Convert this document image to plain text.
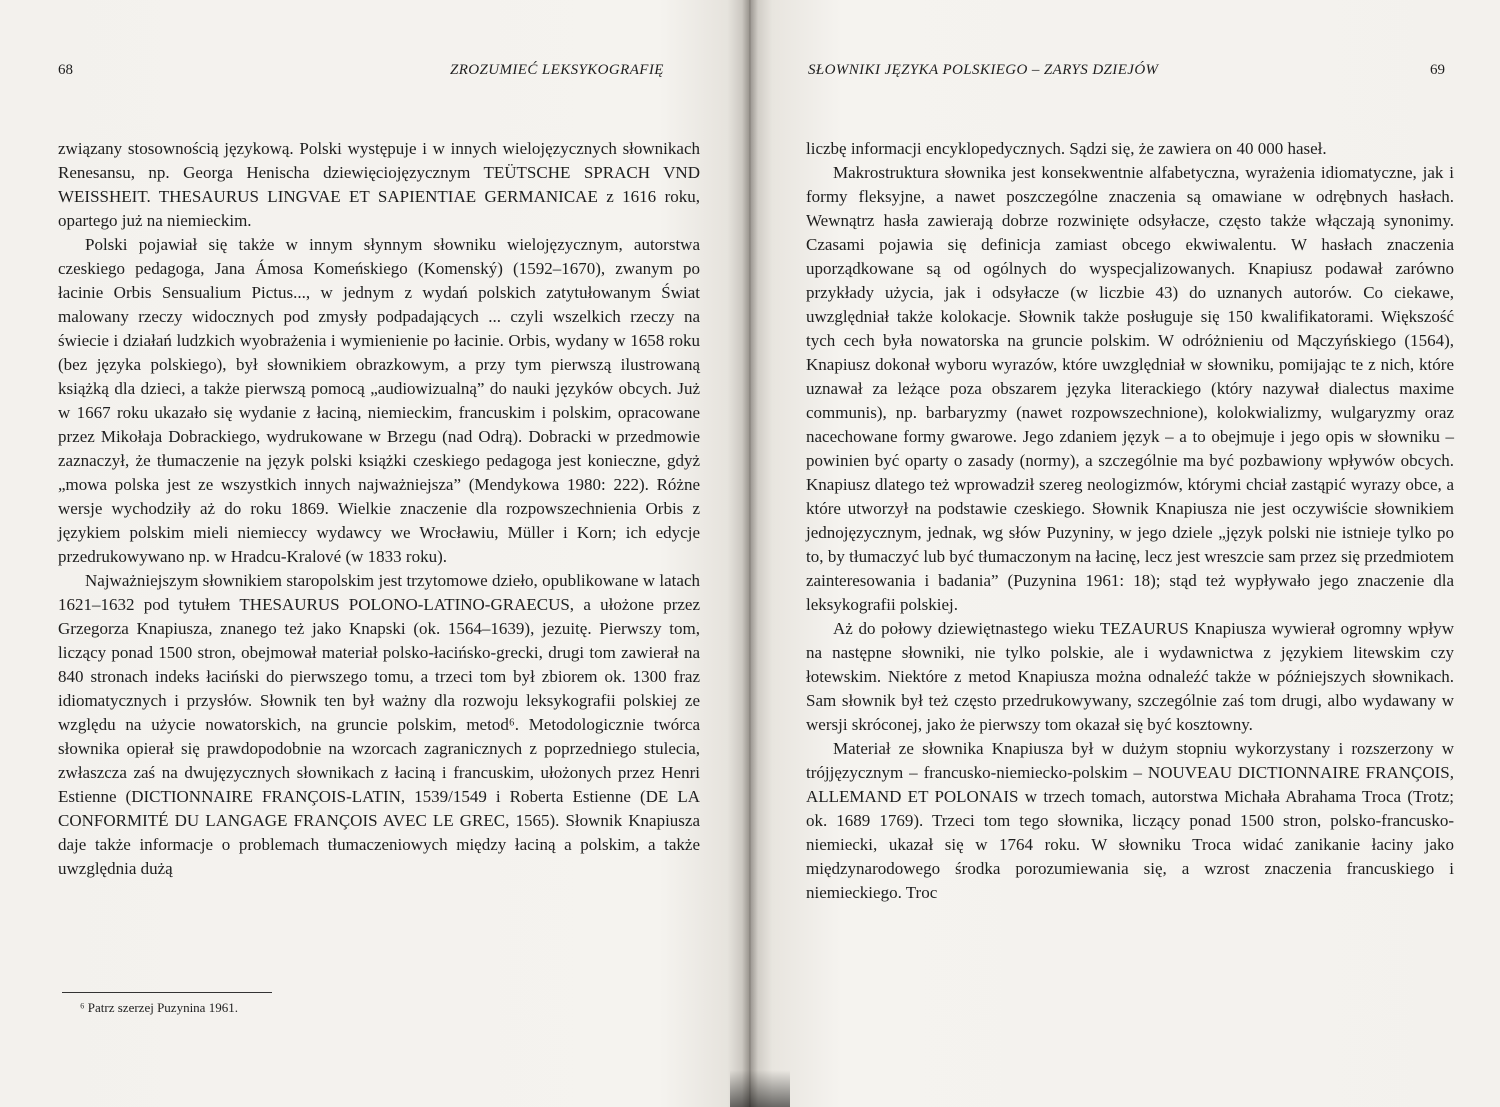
68	ZROZUMIEĆ LEKSYKOGRAFIĘ

związany stosownością językową. Polski występuje i w innych wielojęzycznych słownikach Renesansu, np. Georga Henischa dziewięciojęzycznym TEÜTSCHE SPRACH VND WEISSHEIT. THESAURUS LINGVAE ET SAPIENTIAE GERMANICAE z 1616 roku, opartego już na niemieckim.

Polski pojawiał się także w innym słynnym słowniku wielojęzycznym, autorstwa czeskiego pedagoga, Jana Ámosa Komeńskiego (Komenský) (1592–1670), zwanym po łacinie Orbis Sensualium Pictus..., w jednym z wydań polskich zatytułowanym Świat malowany rzeczy widocznych pod zmysły podpadających ... czyli wszelkich rzeczy na świecie i działań ludzkich wyobrażenia i wymienienie po łacinie. Orbis, wydany w 1658 roku (bez języka polskiego), był słownikiem obrazkowym, a przy tym pierwszą ilustrowaną książką dla dzieci, a także pierwszą pomocą „audiowizualną” do nauki języków obcych. Już w 1667 roku ukazało się wydanie z łaciną, niemieckim, francuskim i polskim, opracowane przez Mikołaja Dobrackiego, wydrukowane w Brzegu (nad Odrą). Dobracki w przedmowie zaznaczył, że tłumaczenie na język polski książki czeskiego pedagoga jest konieczne, gdyż „mowa polska jest ze wszystkich innych najważniejsza” (Mendykowa 1980: 222). Różne wersje wychodziły aż do roku 1869. Wielkie znaczenie dla rozpowszechnienia Orbis z językiem polskim mieli niemieccy wydawcy we Wrocławiu, Müller i Korn; ich edycje przedrukowywano np. w Hradcu-Kralové (w 1833 roku).

Najważniejszym słownikiem staropolskim jest trzytomowe dzieło, opublikowane w latach 1621–1632 pod tytułem THESAURUS POLONO-LATINO-GRAECUS, a ułożone przez Grzegorza Knapiusza, znanego też jako Knapski (ok. 1564–1639), jezuitę. Pierwszy tom, liczący ponad 1500 stron, obejmował materiał polsko-łacińsko-grecki, drugi tom zawierał na 840 stronach indeks łaciński do pierwszego tomu, a trzeci tom był zbiorem ok. 1300 fraz idiomatycznych i przysłów. Słownik ten był ważny dla rozwoju leksykografii polskiej ze względu na użycie nowatorskich, na gruncie polskim, metod⁶. Metodologicznie twórca słownika opierał się prawdopodobnie na wzorcach zagranicznych z poprzedniego stulecia, zwłaszcza zaś na dwujęzycznych słownikach z łaciną i francuskim, ułożonych przez Henri Estienne (DICTIONNAIRE FRANÇOIS-LATIN, 1539/1549 i Roberta Estienne (DE LA CONFORMITÉ DU LANGAGE FRANÇOIS AVEC LE GREC, 1565). Słownik Knapiusza daje także informacje o problemach tłumaczeniowych między łaciną a polskim, a także uwzględnia dużą

⁶ Patrz szerzej Puzynina 1961.
SŁOWNIKI JĘZYKA POLSKIEGO – ZARYS DZIEJÓW	69

liczbę informacji encyklopedycznych. Sądzi się, że zawiera on 40 000 haseł.

Makrostruktura słownika jest konsekwentnie alfabetyczna, wyrażenia idiomatyczne, jak i formy fleksyjne, a nawet poszczególne znaczenia są omawiane w odrębnych hasłach. Wewnątrz hasła zawierają dobrze rozwinięte odsyłacze, często także włączają synonimy. Czasami pojawia się definicja zamiast obcego ekwiwalentu. W hasłach znaczenia uporządkowane są od ogólnych do wyspecjalizowanych. Knapiusz podawał zarówno przykłady użycia, jak i odsyłacze (w liczbie 43) do uznanych autorów. Co ciekawe, uwzględniał także kolokacje. Słownik także posługuje się 150 kwalifikatorami. Większość tych cech była nowatorska na gruncie polskim. W odróżnieniu od Mączyńskiego (1564), Knapiusz dokonał wyboru wyrazów, które uwzględniał w słowniku, pomijając te z nich, które uznawał za leżące poza obszarem języka literackiego (który nazywał dialectus maxime communis), np. barbaryzmy (nawet rozpowszechnione), kolokwializmy, wulgaryzmy oraz nacechowane formy gwarowe. Jego zdaniem język – a to obejmuje i jego opis w słowniku – powinien być oparty o zasady (normy), a szczególnie ma być pozbawiony wpływów obcych. Knapiusz dlatego też wprowadził szereg neologizmów, którymi chciał zastąpić wyrazy obce, a które utworzył na podstawie czeskiego. Słownik Knapiusza nie jest oczywiście słownikiem jednojęzycznym, jednak, wg słów Puzyniny, w jego dziele „język polski nie istnieje tylko po to, by tłumaczyć lub być tłumaczonym na łacinę, lecz jest wreszcie sam przez się przedmiotem zainteresowania i badania” (Puzynina 1961: 18); stąd też wypływało jego znaczenie dla leksykografii polskiej.

Aż do połowy dziewiętnastego wieku TEZAURUS Knapiusza wywierał ogromny wpływ na następne słowniki, nie tylko polskie, ale i wydawnictwa z językiem litewskim czy łotewskim. Niektóre z metod Knapiusza można odnaleźć także w późniejszych słownikach. Sam słownik był też często przedrukowywany, szczególnie zaś tom drugi, albo wydawany w wersji skróconej, jako że pierwszy tom okazał się być kosztowny.

Materiał ze słownika Knapiusza był w dużym stopniu wykorzystany i rozszerzony w trójjęzycznym – francusko-niemiecko-polskim – NOUVEAU DICTIONNAIRE FRANÇOIS, ALLEMAND ET POLONAIS w trzech tomach, autorstwa Michała Abrahama Troca (Trotz; ok. 1689 1769). Trzeci tom tego słownika, liczący ponad 1500 stron, polsko-francusko-niemiecki, ukazał się w 1764 roku. W słowniku Troca widać zanikanie łaciny jako międzynarodowego środka porozumiewania się, a wzrost znaczenia francuskiego i niemieckiego. Troc
